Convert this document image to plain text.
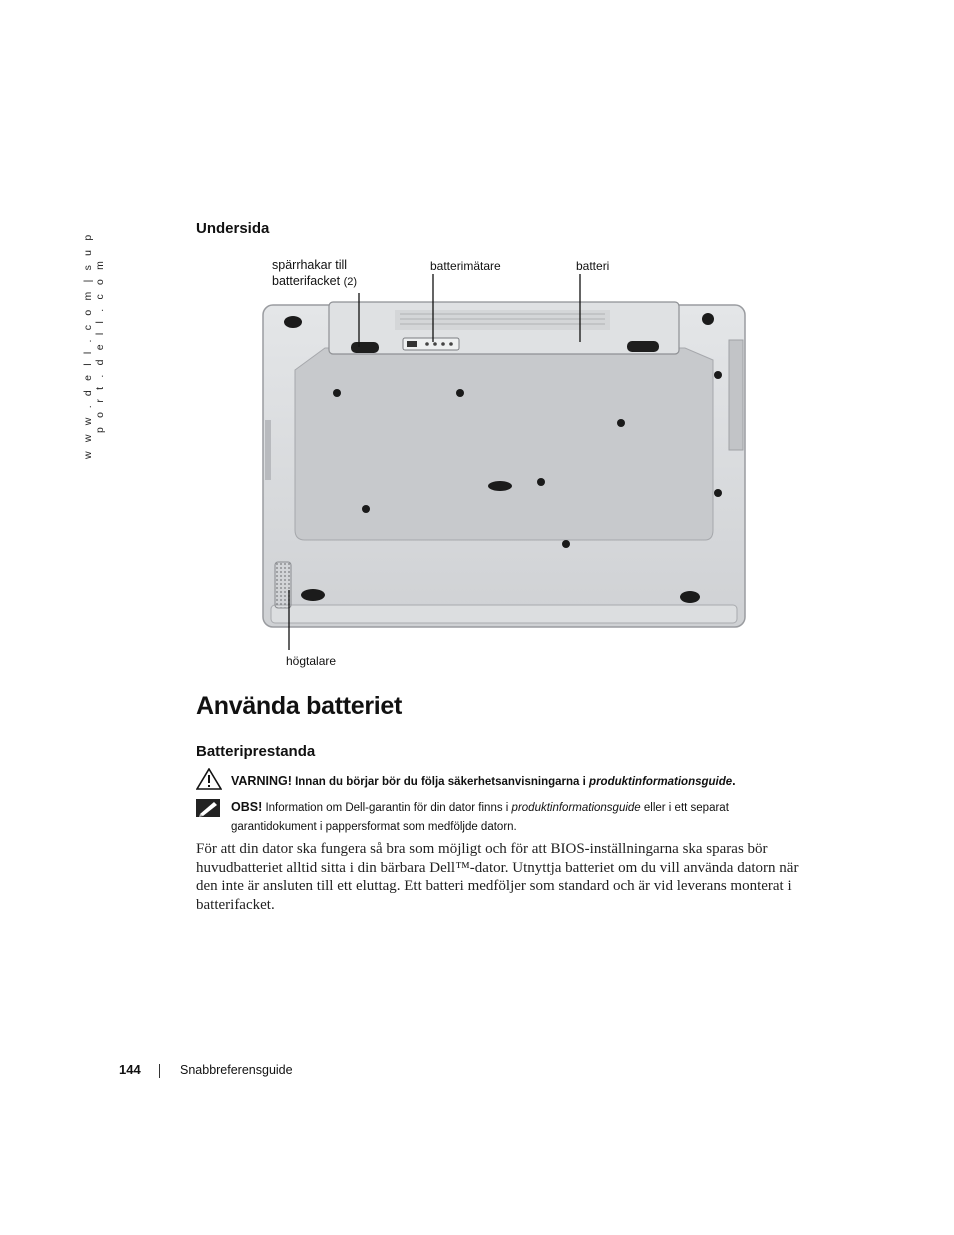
w w w . d e l l . c o m | s u p p o r t . d e l l . c o m
Undersida
spärrhakar till
batterifacket (2)
batterimätare	batteri
högtalare
Använda batteriet
Batteriprestanda
VARNING! Innan du börjar bör du följa säkerhetsanvisningarna i produktinformationsguide.
OBS! Information om Dell-garantin för din dator finns i produktinformationsguide eller i ett separat garantidokument i pappersformat som medföljde datorn.

För att din dator ska fungera så bra som möjligt och för att BIOS-inställningarna ska sparas bör huvudbatteriet alltid sitta i din bärbara Dell™-dator. Utnyttja batteriet om du vill använda datorn när den inte är ansluten till ett eluttag. Ett batteri medföljer som standard och är vid leverans monterat i batterifacket.

144	Snabbreferensguide
